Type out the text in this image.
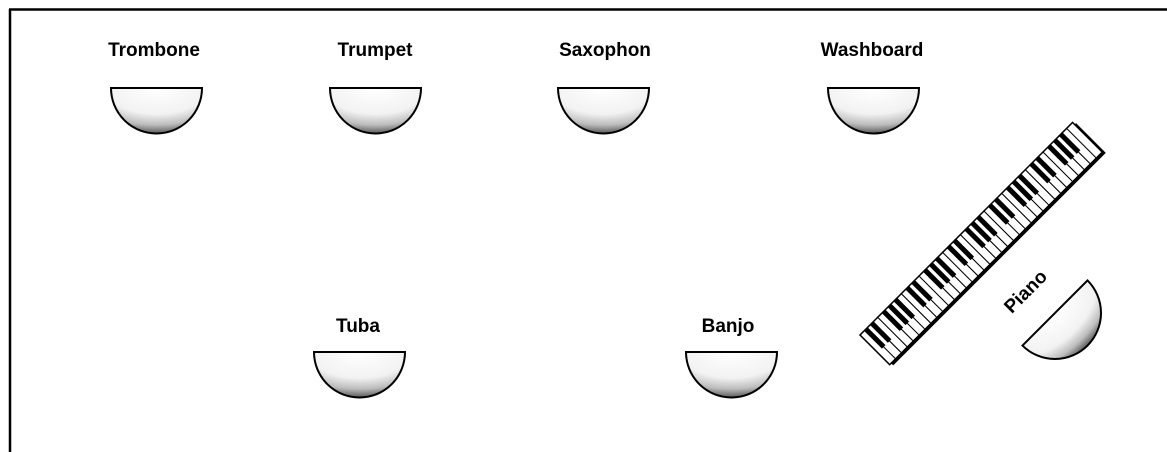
Trombone	Trumpet	Saxophon	Washboard
Tuba	Banjo
Piano
